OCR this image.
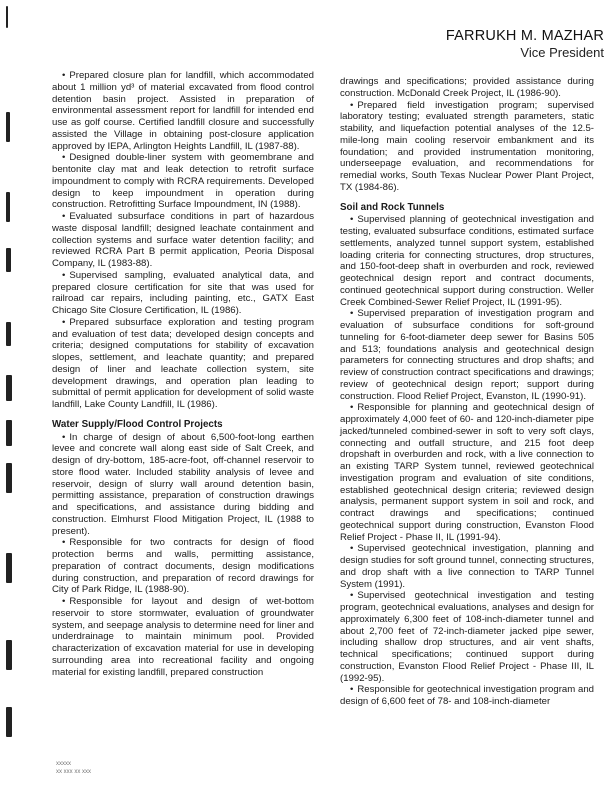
FARRUKH M. MAZHAR
Vice President

• Prepared closure plan for landfill, which accommodated about 1 million yd³ of material excavated from flood control detention basin project. Assisted in preparation of environmental assessment report for landfill for intended end use as golf course. Certified landfill closure and successfully assisted the Village in obtaining post-closure application approved by IEPA, Arlington Heights Landfill, IL (1987-88).

• Designed double-liner system with geomembrane and bentonite clay mat and leak detection to retrofit surface impoundment to comply with RCRA requirements. Developed design to keep impoundment in operation during construction. Retrofitting Surface Impoundment, IN (1988).

• Evaluated subsurface conditions in part of hazardous waste disposal landfill; designed leachate containment and collection systems and surface water detention facility; and reviewed RCRA Part B permit application, Peoria Disposal Company, IL (1983-88).

• Supervised sampling, evaluated analytical data, and prepared closure certification for site that was used for railroad car repairs, including painting, etc., GATX East Chicago Site Closure Certification, IL (1986).

• Prepared subsurface exploration and testing program and evaluation of test data; developed design concepts and criteria; designed computations for stability of excavation slopes, settlement, and leachate quantity; and prepared design of liner and leachate collection system, site development drawings, and operation plan leading to submittal of permit application for development of solid waste landfill, Lake County Landfill, IL (1986).

Water Supply/Flood Control Projects

• In charge of design of about 6,500-foot-long earthen levee and concrete wall along east side of Salt Creek, and design of dry-bottom, 185-acre-foot, off-channel reservoir to store flood water. Included stability analysis of levee and reservoir, design of slurry wall around detention basin, permitting assistance, preparation of construction drawings and specifications, and assistance during bidding and construction. Elmhurst Flood Mitigation Project, IL (1988 to present).

• Responsible for two contracts for design of flood protection berms and walls, permitting assistance, preparation of contract documents, design modifications during construction, and preparation of record drawings for City of Park Ridge, IL (1988-90).

• Responsible for layout and design of wet-bottom reservoir to store stormwater, evaluation of groundwater system, and seepage analysis to determine need for liner and underdrainage to maintain minimum pool. Provided characterization of excavation material for use in developing surrounding area into recreational facility and ongoing material for existing landfill, prepared construction

drawings and specifications; provided assistance during construction. McDonald Creek Project, IL (1986-90).

• Prepared field investigation program; supervised laboratory testing; evaluated strength parameters, static stability, and liquefaction potential analyses of the 12.5-mile-long main cooling reservoir embankment and its foundation; and provided instrumentation monitoring, underseepage evaluation, and recommendations for remedial works, South Texas Nuclear Power Plant Project, TX (1984-86).

Soil and Rock Tunnels

• Supervised planning of geotechnical investigation and testing, evaluated subsurface conditions, estimated surface settlements, analyzed tunnel support system, established loading criteria for connecting structures, drop structures, and 150-foot-deep shaft in overburden and rock, reviewed geotechnical design report and contract documents, continued geotechnical support during construction. Weller Creek Combined-Sewer Relief Project, IL (1991-95).

• Supervised preparation of investigation program and evaluation of subsurface conditions for soft-ground tunneling for 6-foot-diameter deep sewer for Basins 505 and 513; foundations analysis and geotechnical design parameters for connecting structures and drop shafts; and review of construction contract specifications and drawings; review of geotechnical design report; support during construction. Flood Relief Project, Evanston, IL (1990-91).

• Responsible for planning and geotechnical design of approximately 4,000 feet of 60- and 120-inch-diameter pipe jacked/tunneled combined-sewer in soft to very soft clays, connecting and outfall structure, and 215 foot deep dropshaft in overburden and rock, with a live connection to an existing TARP System tunnel, reviewed geotechnical investigation program and evaluation of site conditions, established geotechnical design criteria; reviewed design analysis, permanent support system in soil and rock, and contract drawings and specifications; continued geotechnical support during construction, Evanston Flood Relief Project - Phase II, IL (1991-94).

• Supervised geotechnical investigation, planning and design studies for soft ground tunnel, connecting structures, and drop shaft with a live connection to TARP Tunnel System (1991).

• Supervised geotechnical investigation and testing program, geotechnical evaluations, analyses and design for approximately 6,300 feet of 108-inch-diameter tunnel and about 2,700 feet of 72-inch-diameter jacked pipe sewer, including shallow drop structures, and air vent shafts, technical specifications; continued support during construction, Evanston Flood Relief Project - Phase III, IL (1992-95).

• Responsible for geotechnical investigation program and design of 6,600 feet of 78- and 108-inch-diameter

xxxxx
xx xxx xx xxx
